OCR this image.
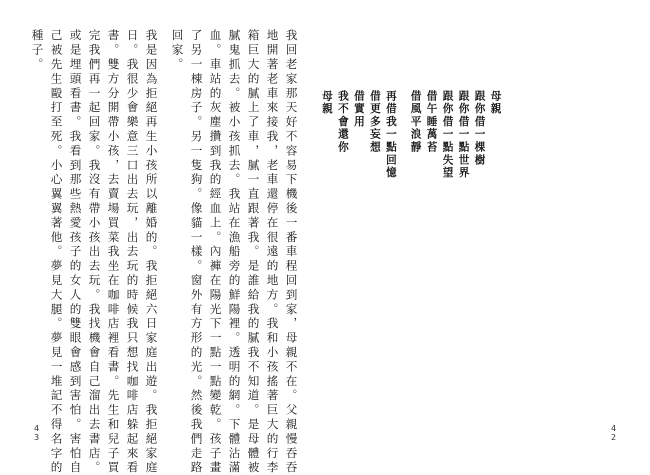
我回老家那天好不容易下機後一番車程回到家，母親不在。父親慢吞吞
地開著老車來接我，老車還停在很遠的地方。我和小孩搖著巨大的行李
箱巨大的膩上了車，膩一直跟著我。是誰給我的膩我不知道。是母體被
膩鬼抓去。被小孩抓去。我站在漁船旁的鮮陽裡。透明的網。下體沾滿
血。車站的灰塵攢到我的經血上。內褲在陽光下一點一點變乾。孩子畫
了另一棟房子。另一隻狗。像貓一樣。窗外有方形的光。然後我們走路
回家。
我是因為拒絕再生小孩所以離婚的。我拒絕六日家庭出遊。我拒絕家庭
日。我很少會樂意三口出去玩，出去玩的時候我只想找咖啡店躲起來看
書。雙方分開帶小孩，去賣場買菜我坐在咖啡店裡看書。先生和兒子買
完我們再一起回家。我沒有帶小孩出去玩。我找機會自己溜出去書店。
或是埋頭看書。我看到那些熱愛孩子的女人的雙眼會感到害怕。害怕自
己被先生毆打至死。小心翼翼著他。夢見大腿。夢見一堆記不得名字的
種子。
43
母親
跟你借一棵樹
跟你借一點世界
跟你借一點失望
借午睡萬苔
借風平浪靜
再借我一點回憶
借更多妄想
借實用
我不會還你
母親
42
